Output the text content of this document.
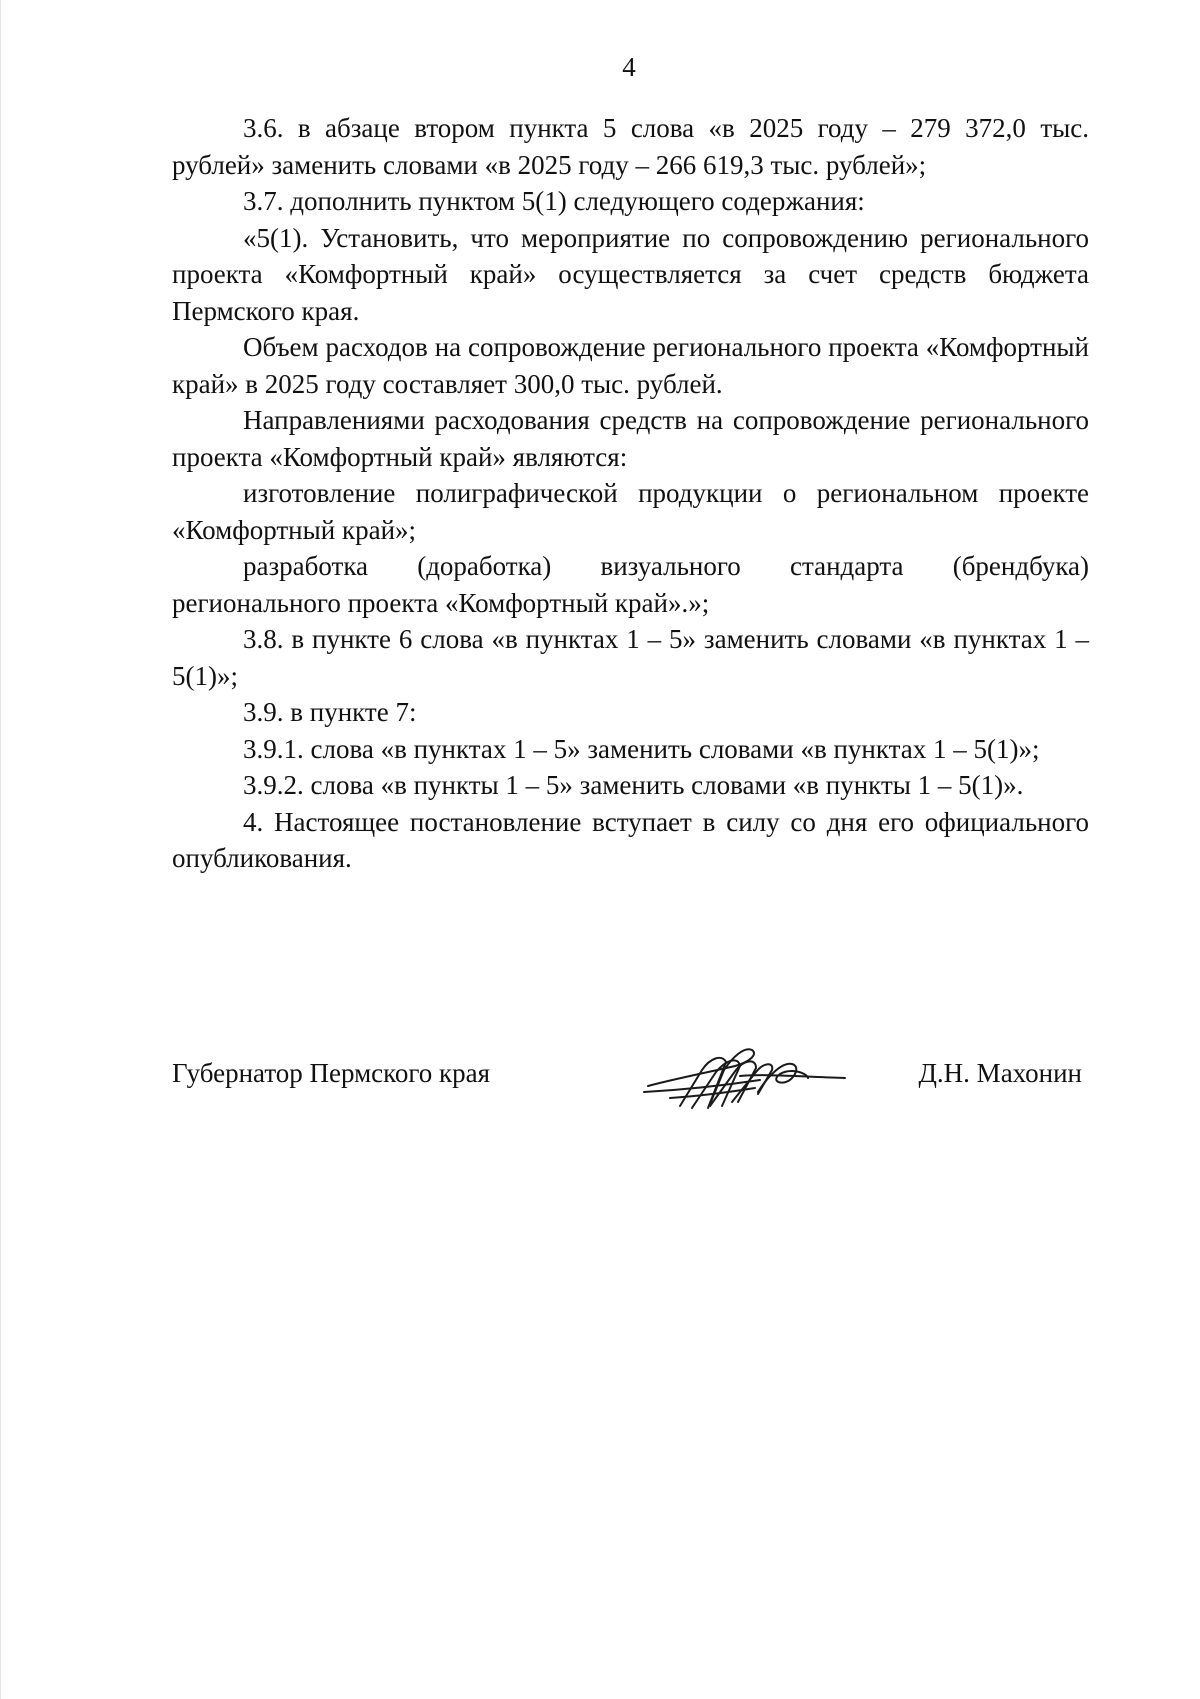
4

3.6. в абзаце втором пункта 5 слова «в 2025 году – 279 372,0 тыс. рублей» заменить словами «в 2025 году – 266 619,3 тыс. рублей»;

3.7. дополнить пунктом 5(1) следующего содержания:

«5(1). Установить, что мероприятие по сопровождению регионального проекта «Комфортный край» осуществляется за счет средств бюджета Пермского края.

Объем расходов на сопровождение регионального проекта «Комфортный край» в 2025 году составляет 300,0 тыс. рублей.

Направлениями расходования средств на сопровождение регионального проекта «Комфортный край» являются:

изготовление полиграфической продукции о региональном проекте «Комфортный край»;

разработка (доработка) визуального стандарта (брендбука) регионального проекта «Комфортный край».»;

3.8. в пункте 6 слова «в пунктах 1 – 5» заменить словами «в пунктах 1 – 5(1)»;

3.9. в пункте 7:

3.9.1. слова «в пунктах 1 – 5» заменить словами «в пунктах 1 – 5(1)»;

3.9.2. слова «в пункты 1 – 5» заменить словами «в пункты 1 – 5(1)».

4. Настоящее постановление вступает в силу со дня его официального опубликования.

Губернатор Пермского края	Д.Н. Махонин
